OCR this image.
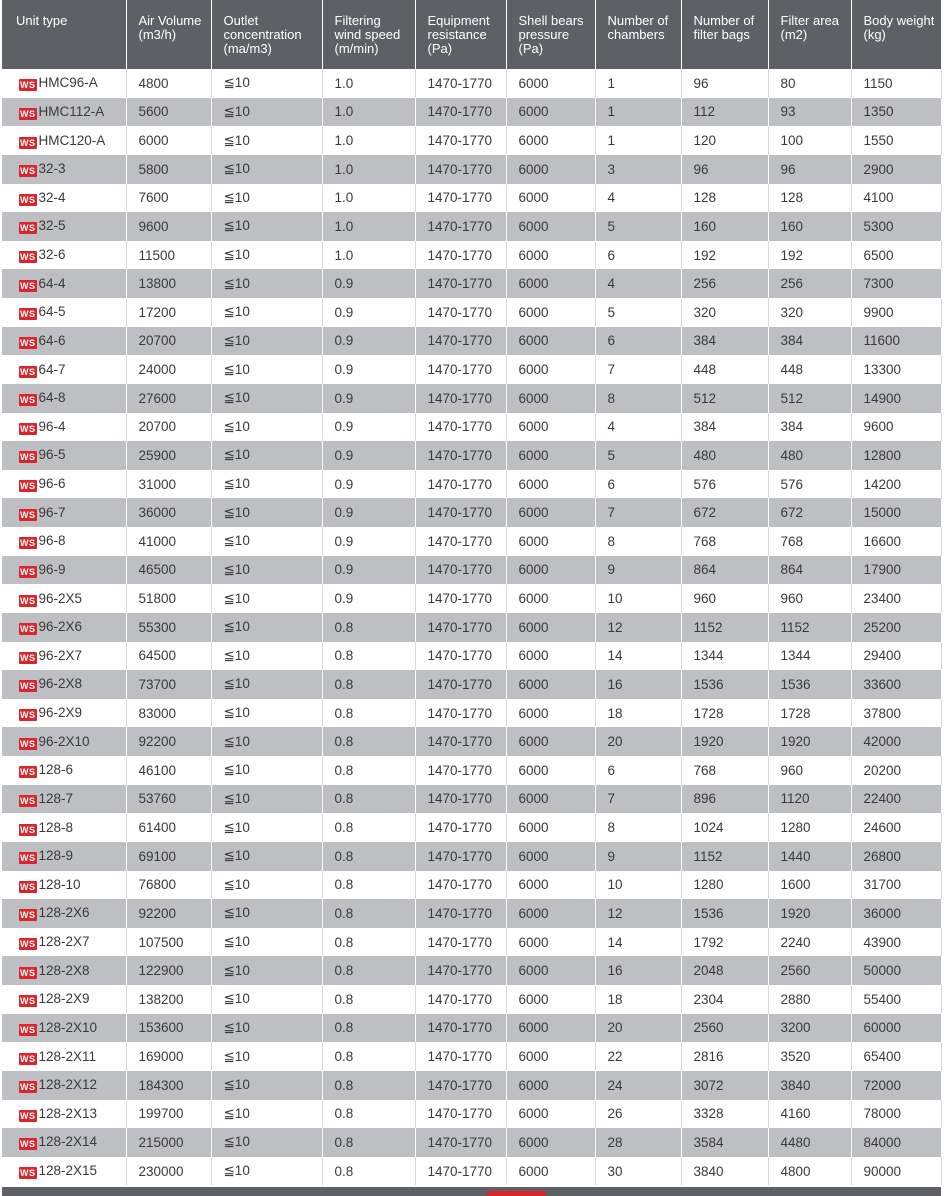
Unit type	Air Volume (m3/h)	Outlet concentration (ma/m3)	Filtering wind speed (m/min)	Equipment resistance (Pa)	Shell bears pressure (Pa)	Number of chambers	Number of filter bags	Filter area (m2)	Body weight (kg)
WS HMC96-A	4800	≦10	1.0	1470-1770	6000	1	96	80	1150
WS HMC112-A	5600	≦10	1.0	1470-1770	6000	1	112	93	1350
WS HMC120-A	6000	≦10	1.0	1470-1770	6000	1	120	100	1550
WS 32-3	5800	≦10	1.0	1470-1770	6000	3	96	96	2900
WS 32-4	7600	≦10	1.0	1470-1770	6000	4	128	128	4100
WS 32-5	9600	≦10	1.0	1470-1770	6000	5	160	160	5300
WS 32-6	11500	≦10	1.0	1470-1770	6000	6	192	192	6500
WS 64-4	13800	≦10	0.9	1470-1770	6000	4	256	256	7300
WS 64-5	17200	≦10	0.9	1470-1770	6000	5	320	320	9900
WS 64-6	20700	≦10	0.9	1470-1770	6000	6	384	384	11600
WS 64-7	24000	≦10	0.9	1470-1770	6000	7	448	448	13300
WS 64-8	27600	≦10	0.9	1470-1770	6000	8	512	512	14900
WS 96-4	20700	≦10	0.9	1470-1770	6000	4	384	384	9600
WS 96-5	25900	≦10	0.9	1470-1770	6000	5	480	480	12800
WS 96-6	31000	≦10	0.9	1470-1770	6000	6	576	576	14200
WS 96-7	36000	≦10	0.9	1470-1770	6000	7	672	672	15000
WS 96-8	41000	≦10	0.9	1470-1770	6000	8	768	768	16600
WS 96-9	46500	≦10	0.9	1470-1770	6000	9	864	864	17900
WS 96-2X5	51800	≦10	0.9	1470-1770	6000	10	960	960	23400
WS 96-2X6	55300	≦10	0.8	1470-1770	6000	12	1152	1152	25200
WS 96-2X7	64500	≦10	0.8	1470-1770	6000	14	1344	1344	29400
WS 96-2X8	73700	≦10	0.8	1470-1770	6000	16	1536	1536	33600
WS 96-2X9	83000	≦10	0.8	1470-1770	6000	18	1728	1728	37800
WS 96-2X10	92200	≦10	0.8	1470-1770	6000	20	1920	1920	42000
WS 128-6	46100	≦10	0.8	1470-1770	6000	6	768	960	20200
WS 128-7	53760	≦10	0.8	1470-1770	6000	7	896	1120	22400
WS 128-8	61400	≦10	0.8	1470-1770	6000	8	1024	1280	24600
WS 128-9	69100	≦10	0.8	1470-1770	6000	9	1152	1440	26800
WS 128-10	76800	≦10	0.8	1470-1770	6000	10	1280	1600	31700
WS 128-2X6	92200	≦10	0.8	1470-1770	6000	12	1536	1920	36000
WS 128-2X7	107500	≦10	0.8	1470-1770	6000	14	1792	2240	43900
WS 128-2X8	122900	≦10	0.8	1470-1770	6000	16	2048	2560	50000
WS 128-2X9	138200	≦10	0.8	1470-1770	6000	18	2304	2880	55400
WS 128-2X10	153600	≦10	0.8	1470-1770	6000	20	2560	3200	60000
WS 128-2X11	169000	≦10	0.8	1470-1770	6000	22	2816	3520	65400
WS 128-2X12	184300	≦10	0.8	1470-1770	6000	24	3072	3840	72000
WS 128-2X13	199700	≦10	0.8	1470-1770	6000	26	3328	4160	78000
WS 128-2X14	215000	≦10	0.8	1470-1770	6000	28	3584	4480	84000
WS 128-2X15	230000	≦10	0.8	1470-1770	6000	30	3840	4800	90000
